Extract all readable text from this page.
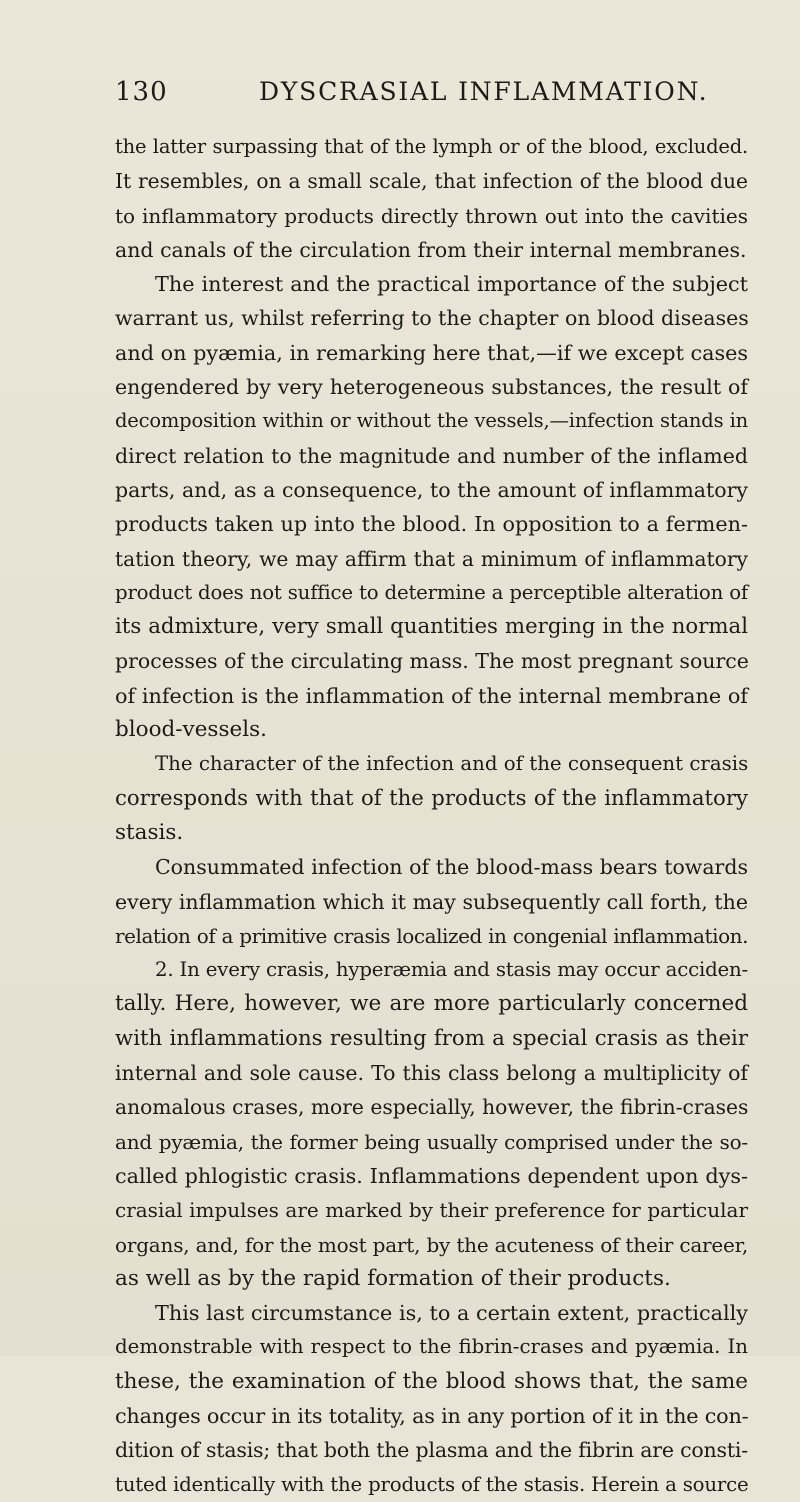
130	DYSCRASIAL INFLAMMATION.
the latter surpassing that of the lymph or of the blood, excluded.
It resembles, on a small scale, that infection of the blood due
to inflammatory products directly thrown out into the cavities
and canals of the circulation from their internal membranes.
The interest and the practical importance of the subject
warrant us, whilst referring to the chapter on blood diseases
and on pyæmia, in remarking here that,—if we except cases
engendered by very heterogeneous substances, the result of
decomposition within or without the vessels,—infection stands in
direct relation to the magnitude and number of the inflamed
parts, and, as a consequence, to the amount of inflammatory
products taken up into the blood. In opposition to a fermen-
tation theory, we may affirm that a minimum of inflammatory
product does not suffice to determine a perceptible alteration of
its admixture, very small quantities merging in the normal
processes of the circulating mass. The most pregnant source
of infection is the inflammation of the internal membrane of
blood-vessels.
The character of the infection and of the consequent crasis
corresponds with that of the products of the inflammatory
stasis.
Consummated infection of the blood-mass bears towards
every inflammation which it may subsequently call forth, the
relation of a primitive crasis localized in congenial inflammation.
2. In every crasis, hyperæmia and stasis may occur acciden-
tally. Here, however, we are more particularly concerned
with inflammations resulting from a special crasis as their
internal and sole cause. To this class belong a multiplicity of
anomalous crases, more especially, however, the fibrin-crases
and pyæmia, the former being usually comprised under the so-
called phlogistic crasis. Inflammations dependent upon dys-
crasial impulses are marked by their preference for particular
organs, and, for the most part, by the acuteness of their career,
as well as by the rapid formation of their products.
This last circumstance is, to a certain extent, practically
demonstrable with respect to the fibrin-crases and pyæmia. In
these, the examination of the blood shows that, the same
changes occur in its totality, as in any portion of it in the con-
dition of stasis; that both the plasma and the fibrin are consti-
tuted identically with the products of the stasis. Herein a source
